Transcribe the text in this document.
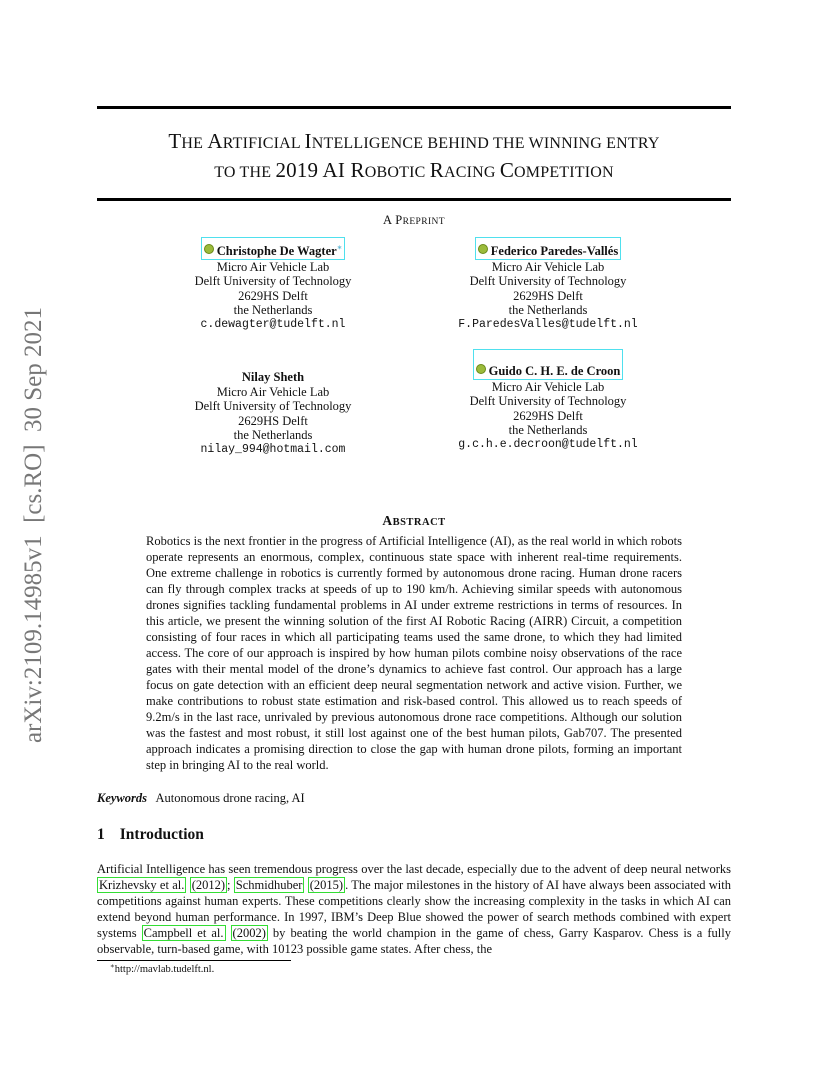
arXiv:2109.14985v1  [cs.RO]  30 Sep 2021
THE ARTIFICIAL INTELLIGENCE BEHIND THE WINNING ENTRY
TO THE 2019 AI ROBOTIC RACING COMPETITION
A PREPRINT
Christophe De Wagter∗
Micro Air Vehicle Lab
Delft University of Technology
2629HS Delft
the Netherlands
c.dewagter@tudelft.nl
Federico Paredes-Vallés
Micro Air Vehicle Lab
Delft University of Technology
2629HS Delft
the Netherlands
F.ParedesValles@tudelft.nl
Nilay Sheth
Micro Air Vehicle Lab
Delft University of Technology
2629HS Delft
the Netherlands
nilay_994@hotmail.com
Guido C. H. E. de Croon
Micro Air Vehicle Lab
Delft University of Technology
2629HS Delft
the Netherlands
g.c.h.e.decroon@tudelft.nl
ABSTRACT
Robotics is the next frontier in the progress of Artificial Intelligence (AI), as the real world in which robots operate represents an enormous, complex, continuous state space with inherent real-time requirements. One extreme challenge in robotics is currently formed by autonomous drone racing. Human drone racers can fly through complex tracks at speeds of up to 190 km/h. Achieving similar speeds with autonomous drones signifies tackling fundamental problems in AI under extreme restrictions in terms of resources. In this article, we present the winning solution of the first AI Robotic Racing (AIRR) Circuit, a competition consisting of four races in which all participating teams used the same drone, to which they had limited access. The core of our approach is inspired by how human pilots combine noisy observations of the race gates with their mental model of the drone’s dynamics to achieve fast control. Our approach has a large focus on gate detection with an efficient deep neural segmentation network and active vision. Further, we make contributions to robust state estimation and risk-based control. This allowed us to reach speeds of 9.2m/s in the last race, unrivaled by previous autonomous drone race competitions. Although our solution was the fastest and most robust, it still lost against one of the best human pilots, Gab707. The presented approach indicates a promising direction to close the gap with human drone pilots, forming an important step in bringing AI to the real world.
Keywords Autonomous drone racing, AI
1 Introduction
Artificial Intelligence has seen tremendous progress over the last decade, especially due to the advent of deep neural networks Krizhevsky et al. (2012) ; Schmidhuber (2015) . The major milestones in the history of AI have always been associated with competitions against human experts. These competitions clearly show the increasing complexity in the tasks in which AI can extend beyond human performance. In 1997, IBM’s Deep Blue showed the power of search methods combined with expert systems Campbell et al. (2002) by beating the world champion in the game of chess, Garry Kasparov. Chess is a fully observable, turn-based game, with 10123 possible game states. After chess, the
∗http://mavlab.tudelft.nl.
